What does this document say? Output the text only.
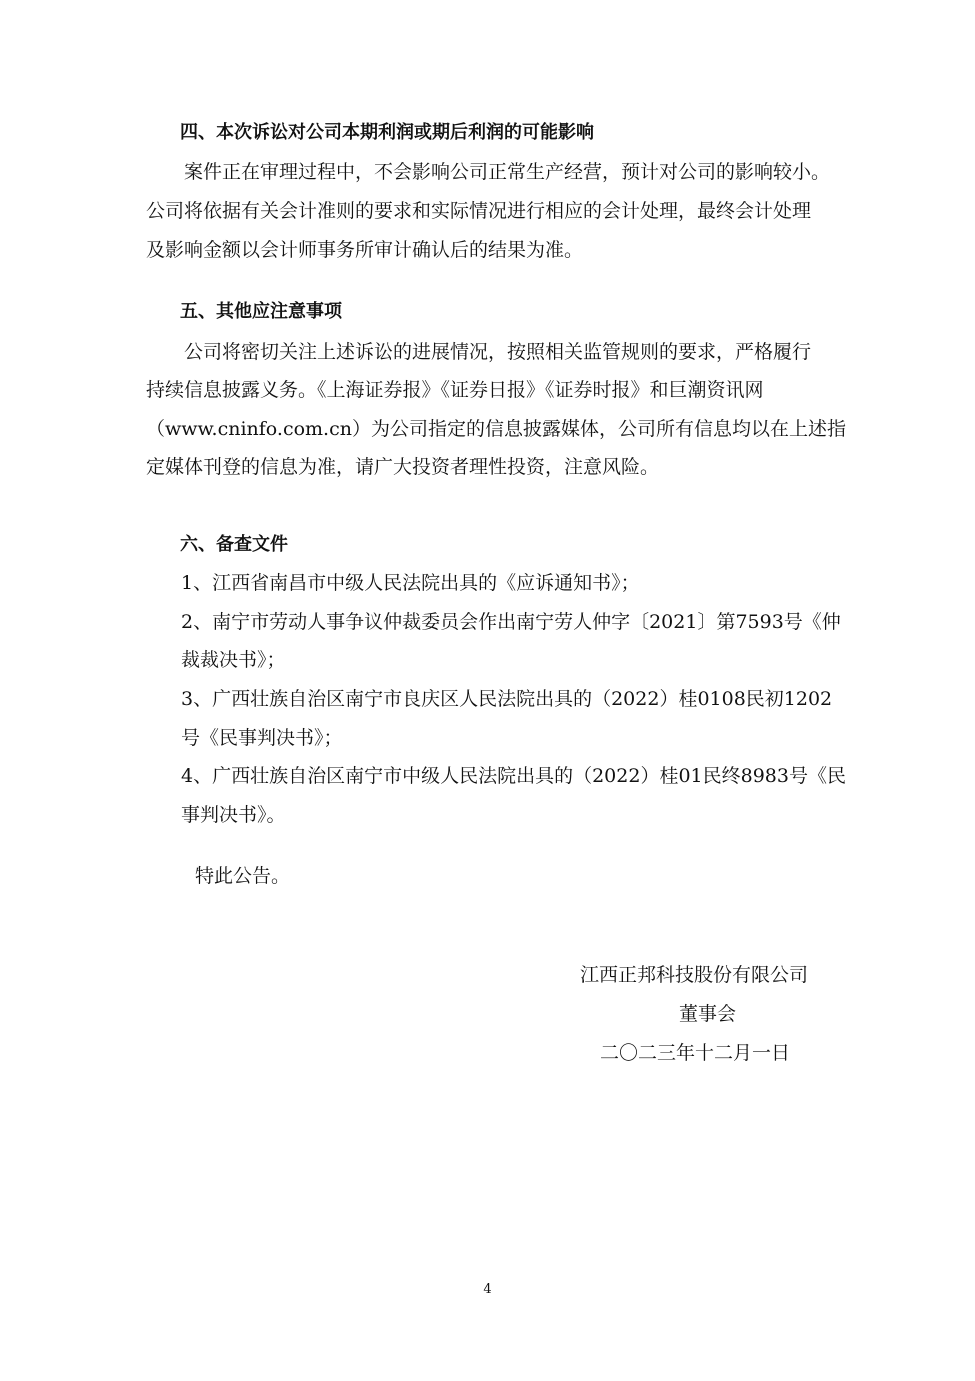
四、本次诉讼对公司本期利润或期后利润的可能影响
案件正在审理过程中，不会影响公司正常生产经营，预计对公司的影响较小。
公司将依据有关会计准则的要求和实际情况进行相应的会计处理，最终会计处理
及影响金额以会计师事务所审计确认后的结果为准。
五、其他应注意事项
公司将密切关注上述诉讼的进展情况，按照相关监管规则的要求，严格履行
持续信息披露义务。《上海证券报》《证券日报》《证券时报》和巨潮资讯网
（www.cninfo.com.cn）为公司指定的信息披露媒体，公司所有信息均以在上述指
定媒体刊登的信息为准，请广大投资者理性投资，注意风险。
六、备查文件
1、江西省南昌市中级人民法院出具的《应诉通知书》；
2、南宁市劳动人事争议仲裁委员会作出南宁劳人仲字〔2021〕第7593号《仲
裁裁决书》；
3、广西壮族自治区南宁市良庆区人民法院出具的（2022）桂0108民初1202
号《民事判决书》；
4、广西壮族自治区南宁市中级人民法院出具的（2022）桂01民终8983号《民
事判决书》。
特此公告。
江西正邦科技股份有限公司
董事会
二〇二三年十二月一日
4
